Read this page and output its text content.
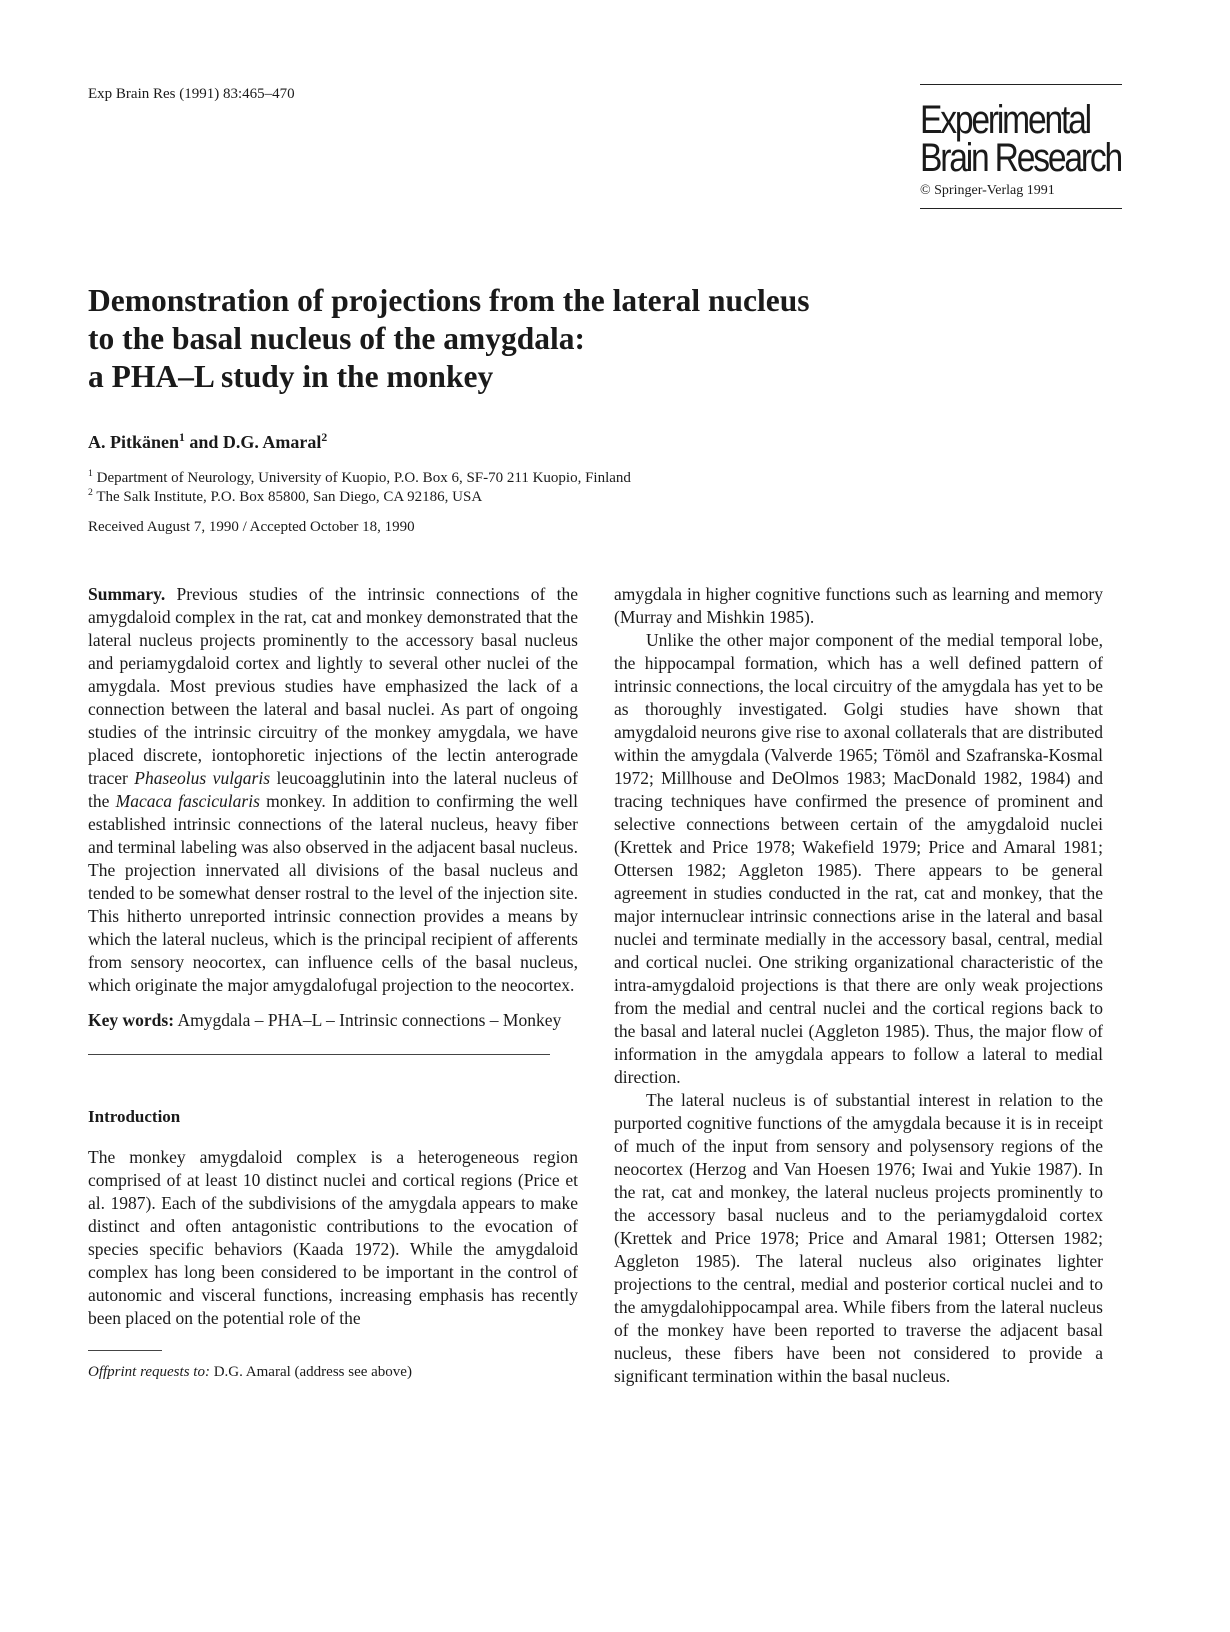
Exp Brain Res (1991) 83:465–470
Experimental
Brain Research
© Springer-Verlag 1991
Demonstration of projections from the lateral nucleus
to the basal nucleus of the amygdala:
a PHA–L study in the monkey
A. Pitkänen$^1$ and D.G. Amaral$^2$
$^1$ Department of Neurology, University of Kuopio, P.O. Box 6, SF-70 211 Kuopio, Finland
$^2$ The Salk Institute, P.O. Box 85800, San Diego, CA 92186, USA
Received August 7, 1990 / Accepted October 18, 1990

Summary. Previous studies of the intrinsic connections of the amygdaloid complex in the rat, cat and monkey demonstrated that the lateral nucleus projects prominently to the accessory basal nucleus and periamygdaloid cortex and lightly to several other nuclei of the amygdala. Most previous studies have emphasized the lack of a connection between the lateral and basal nuclei. As part of ongoing studies of the intrinsic circuitry of the monkey amygdala, we have placed discrete, iontophoretic injections of the lectin anterograde tracer Phaseolus vulgaris leucoagglutinin into the lateral nucleus of the Macaca fascicularis monkey. In addition to confirming the well established intrinsic connections of the lateral nucleus, heavy fiber and terminal labeling was also observed in the adjacent basal nucleus. The projection innervated all divisions of the basal nucleus and tended to be somewhat denser rostral to the level of the injection site. This hitherto unreported intrinsic connection provides a means by which the lateral nucleus, which is the principal recipient of afferents from sensory neocortex, can influence cells of the basal nucleus, which originate the major amygdalofugal projection to the neocortex.

Key words: Amygdala – PHA–L – Intrinsic connections – Monkey

Introduction

The monkey amygdaloid complex is a heterogeneous region comprised of at least 10 distinct nuclei and cortical regions (Price et al. 1987). Each of the subdivisions of the amygdala appears to make distinct and often antagonistic contributions to the evocation of species specific behaviors (Kaada 1972). While the amygdaloid complex has long been considered to be important in the control of autonomic and visceral functions, increasing emphasis has recently been placed on the potential role of the

Offprint requests to: D.G. Amaral (address see above)

amygdala in higher cognitive functions such as learning and memory (Murray and Mishkin 1985).

Unlike the other major component of the medial temporal lobe, the hippocampal formation, which has a well defined pattern of intrinsic connections, the local circuitry of the amygdala has yet to be as thoroughly investigated. Golgi studies have shown that amygdaloid neurons give rise to axonal collaterals that are distributed within the amygdala (Valverde 1965; Tömöl and Szafranska-Kosmal 1972; Millhouse and DeOlmos 1983; MacDonald 1982, 1984) and tracing techniques have confirmed the presence of prominent and selective connections between certain of the amygdaloid nuclei (Krettek and Price 1978; Wakefield 1979; Price and Amaral 1981; Ottersen 1982; Aggleton 1985). There appears to be general agreement in studies conducted in the rat, cat and monkey, that the major internuclear intrinsic connections arise in the lateral and basal nuclei and terminate medially in the accessory basal, central, medial and cortical nuclei. One striking organizational characteristic of the intra-amygdaloid projections is that there are only weak projections from the medial and central nuclei and the cortical regions back to the basal and lateral nuclei (Aggleton 1985). Thus, the major flow of information in the amygdala appears to follow a lateral to medial direction.

The lateral nucleus is of substantial interest in relation to the purported cognitive functions of the amygdala because it is in receipt of much of the input from sensory and polysensory regions of the neocortex (Herzog and Van Hoesen 1976; Iwai and Yukie 1987). In the rat, cat and monkey, the lateral nucleus projects prominently to the accessory basal nucleus and to the periamygdaloid cortex (Krettek and Price 1978; Price and Amaral 1981; Ottersen 1982; Aggleton 1985). The lateral nucleus also originates lighter projections to the central, medial and posterior cortical nuclei and to the amygdalohippocampal area. While fibers from the lateral nucleus of the monkey have been reported to traverse the adjacent basal nucleus, these fibers have been not considered to provide a significant termination within the basal nucleus.
